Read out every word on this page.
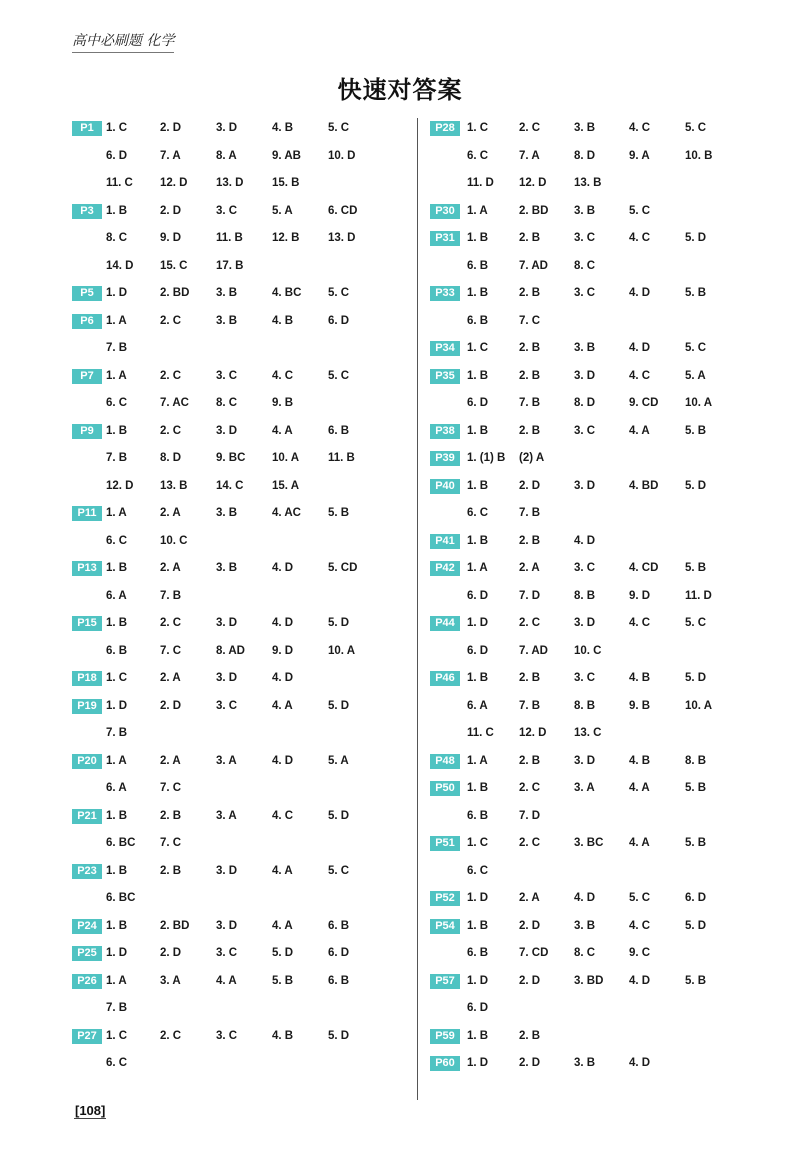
高中必刷题 化学
快速对答案
P1	1. C	2. D	3. D	4. B	5. C
6. D	7. A	8. A	9. AB 10. D
11. C 12. D 13. D 15. B
P3	1. B	2. D	3. C	5. A	6. CD
8. C	9. D	11. B	12. B 13. D
14. D 15. C 17. B
P5	1. D	2. BD 3. B	4. BC 5. C
P6	1. A	2. C	3. B	4. B	6. D
7. B
P7	1. A	2. C	3. C	4. C	5. C
6. C	7. AC 8. C	9. B
P9	1. B	2. C	3. D	4. A	6. B
7. B	8. D	9. BC 10. A	11. B
12. D 13. B 14. C 15. A
P11 1. A	2. A	3. B	4. AC 5. B
6. C	10. C
P13 1. B	2. A	3. B	4. D	5. CD
6. A	7. B
P15 1. B	2. C	3. D	4. D	5. D
6. B	7. C	8. AD 9. D	10. A
P18 1. C	2. A	3. D	4. D
P19 1. D	2. D	3. C	4. A	5. D
7. B
P20 1. A	2. A	3. A	4. D	5. A
6. A	7. C
P21 1. B	2. B	3. A	4. C	5. D
6. BC 7. C
P23 1. B	2. B	3. D	4. A	5. C
6. BC
P24 1. B	2. BD 3. D	4. A	6. B
P25 1. D	2. D	3. C	5. D	6. D
P26 1. A	3. A	4. A	5. B	6. B
7. B
P27 1. C	2. C	3. C	4. B	5. D
6. C
P28	1. C	2. C	3. B	4. C	5. C
6. C	7. A	8. D	9. A	10. B
11. D 12. D 13. B
P30	1. A	2. BD 3. B	5. C
P31	1. B	2. B	3. C	4. C	5. D
6. B	7. AD 8. C
P33	1. B	2. B	3. C	4. D	5. B
6. B	7. C
P34	1. C	2. B	3. B	4. D	5. C
P35	1. B	2. B	3. D	4. C	5. A
6. D	7. B	8. D	9. CD 10. A
P38	1. B	2. B	3. C	4. A	5. B
P39	1. (1) B (2) A
P40	1. B	2. D	3. D	4. BD 5. D
6. C	7. B
P41	1. B	2. B	4. D
P42	1. A	2. A	3. C	4. CD 5. B
6. D	7. D	8. B	9. D	11. D
P44	1. D	2. C	3. D	4. C	5. C
6. D	7. AD 10. C
P46	1. B	2. B	3. C	4. B	5. D
6. A	7. B	8. B	9. B	10. A
11. C 12. D 13. C
P48	1. A	2. B	3. D	4. B	8. B
P50	1. B	2. C	3. A	4. A	5. B
6. B	7. D
P51	1. C	2. C	3. BC 4. A	5. B
6. C
P52	1. D	2. A	4. D	5. C	6. D
P54	1. B	2. D	3. B	4. C	5. D
6. B	7. CD 8. C	9. C
P57	1. D	2. D	3. BD 4. D	5. B
6. D
P59	1. B	2. B
P60	1. D	2. D	3. B	4. D
[108]
